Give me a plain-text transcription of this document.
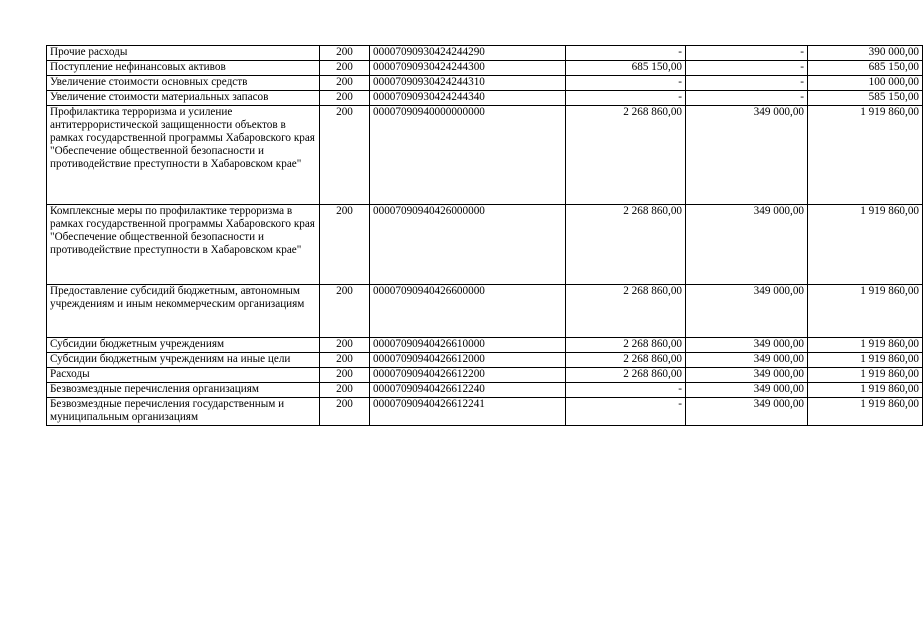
Прочие расходы	200	00007090930424244290	-	-	390 000,00
Поступление нефинансовых активов	200	00007090930424244300	685 150,00	-	685 150,00
Увеличение стоимости основных средств	200	00007090930424244310	-	-	100 000,00
Увеличение стоимости материальных запасов	200	00007090930424244340	-	-	585 150,00
Профилактика терроризма и усиление антитеррористической защищенности объектов в рамках государственной программы Хабаровского края "Обеспечение общественной безопасности и противодействие преступности в Хабаровском крае"	200	00007090940000000000	2 268 860,00	349 000,00	1 919 860,00
Комплексные меры по профилактике терроризма в рамках государственной программы Хабаровского края "Обеспечение общественной безопасности и противодействие преступности в Хабаровском крае"	200	00007090940426000000	2 268 860,00	349 000,00	1 919 860,00
Предоставление субсидий бюджетным, автономным учреждениям и иным некоммерческим организациям	200	00007090940426600000	2 268 860,00	349 000,00	1 919 860,00
Субсидии бюджетным учреждениям	200	00007090940426610000	2 268 860,00	349 000,00	1 919 860,00
Субсидии бюджетным учреждениям на иные цели	200	00007090940426612000	2 268 860,00	349 000,00	1 919 860,00
Расходы	200	00007090940426612200	2 268 860,00	349 000,00	1 919 860,00
Безвозмездные перечисления организациям	200	00007090940426612240	-	349 000,00	1 919 860,00
Безвозмездные перечисления государственным и муниципальным организациям	200	00007090940426612241	-	349 000,00	1 919 860,00
